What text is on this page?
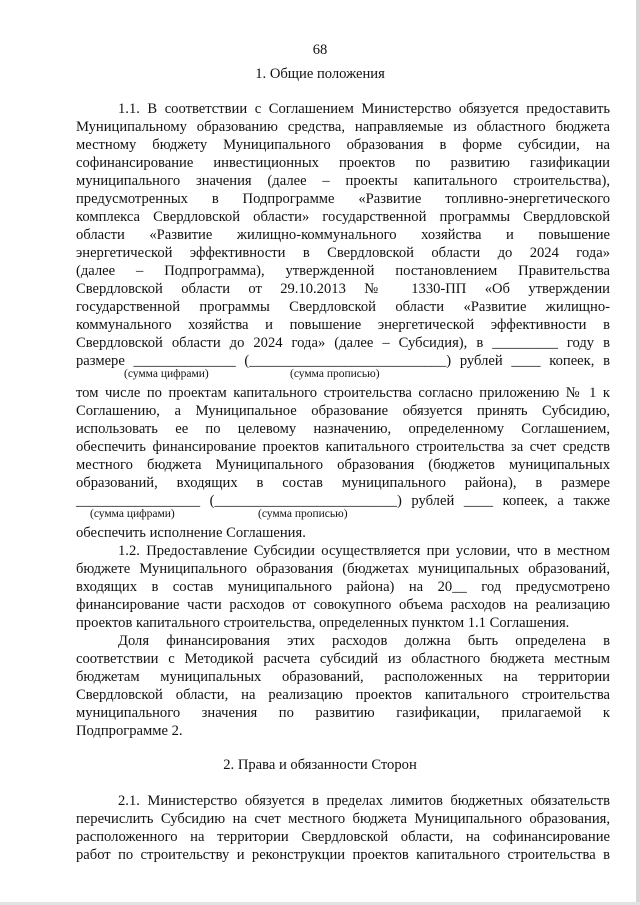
68
1. Общие положения
1.1. В соответствии с Соглашением Министерство обязуется предоставить
Муниципальному образованию средства, направляемые из областного бюджета
местному бюджету Муниципального образования в форме субсидии, на
софинансирование инвестиционных проектов по развитию газификации
муниципального значения (далее – проекты капитального строительства),
предусмотренных в Подпрограмме «Развитие топливно-энергетического
комплекса Свердловской области» государственной программы Свердловской
области «Развитие жилищно-коммунального хозяйства и повышение
энергетической эффективности в Свердловской области до 2024 года»
(далее – Подпрограмма), утвержденной постановлением Правительства
Свердловской области от 29.10.2013 № 1330-ПП «Об утверждении
государственной программы Свердловской области «Развитие жилищно-
коммунального хозяйства и повышение энергетической эффективности в
Свердловской области до 2024 года» (далее – Субсидия), в _________ году в
размере ______________ (___________________________) рублей ____ копеек, в
(сумма цифрами)	(сумма прописью)
том числе по проектам капитального строительства согласно приложению № 1 к
Соглашению, а Муниципальное образование обязуется принять Субсидию,
использовать ее по целевому назначению, определенному Соглашением,
обеспечить финансирование проектов капитального строительства за счет средств
местного бюджета Муниципального образования (бюджетов муниципальных
образований, входящих в состав муниципального района), в размере
_________________ (_________________________) рублей ____ копеек, а также
(сумма цифрами)	(сумма прописью)
обеспечить исполнение Соглашения.
1.2. Предоставление Субсидии осуществляется при условии, что в местном
бюджете Муниципального образования (бюджетах муниципальных образований,
входящих в состав муниципального района) на 20__ год предусмотрено
финансирование части расходов от совокупного объема расходов на реализацию
проектов капитального строительства, определенных пунктом 1.1 Соглашения.
Доля финансирования этих расходов должна быть определена в
соответствии с Методикой расчета субсидий из областного бюджета местным
бюджетам муниципальных образований, расположенных на территории
Свердловской области, на реализацию проектов капитального строительства
муниципального значения по развитию газификации, прилагаемой к
Подпрограмме 2.
2. Права и обязанности Сторон
2.1. Министерство обязуется в пределах лимитов бюджетных обязательств
перечислить Субсидию на счет местного бюджета Муниципального образования,
расположенного на территории Свердловской области, на софинансирование
работ по строительству и реконструкции проектов капитального строительства в
